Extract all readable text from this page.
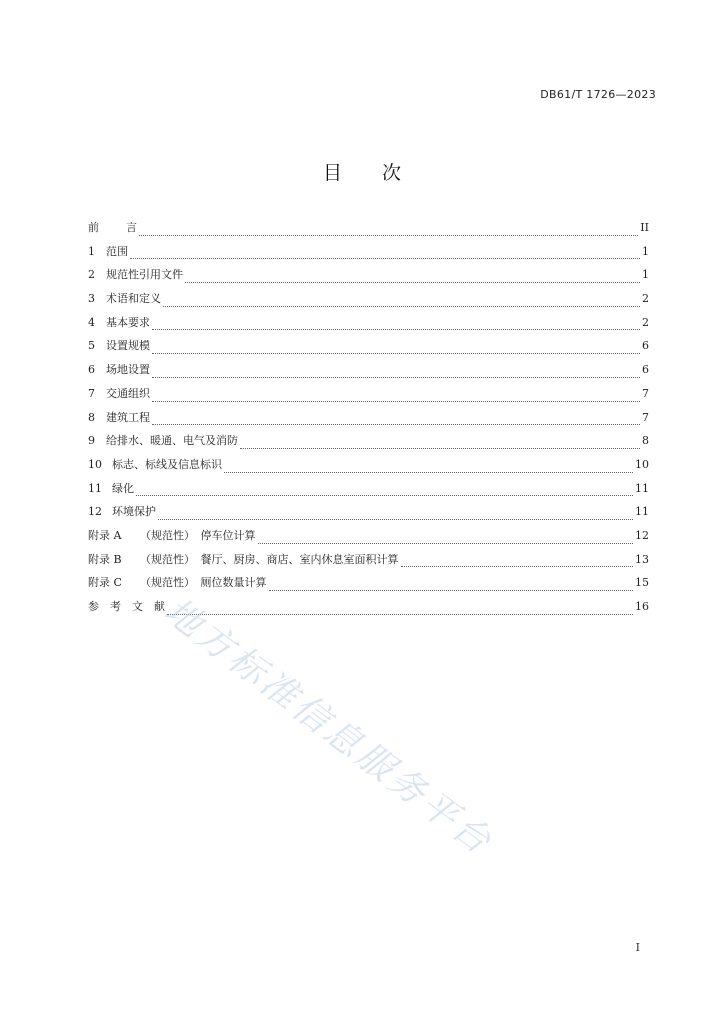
DB61/T 1726—2023
目 次
前	言	II
1	范围	1
2	规范性引用文件	1
3	术语和定义	2
4	基本要求	2
5	设置规模	6
6	场地设置	6
7	交通组织	7
8	建筑工程	7
9	给排水、暖通、电气及消防	8
10 标志、标线及信息标识	10
11 绿化	11
12 环境保护	11
附录 A	（规范性）　停车位计算	12
附录 B	（规范性）　餐厅、厨房、商店、室内休息室面积计算	13
附录 C	（规范性）　厕位数量计算	15
参　考　文　献	16
地方标准信息服务平台
I
